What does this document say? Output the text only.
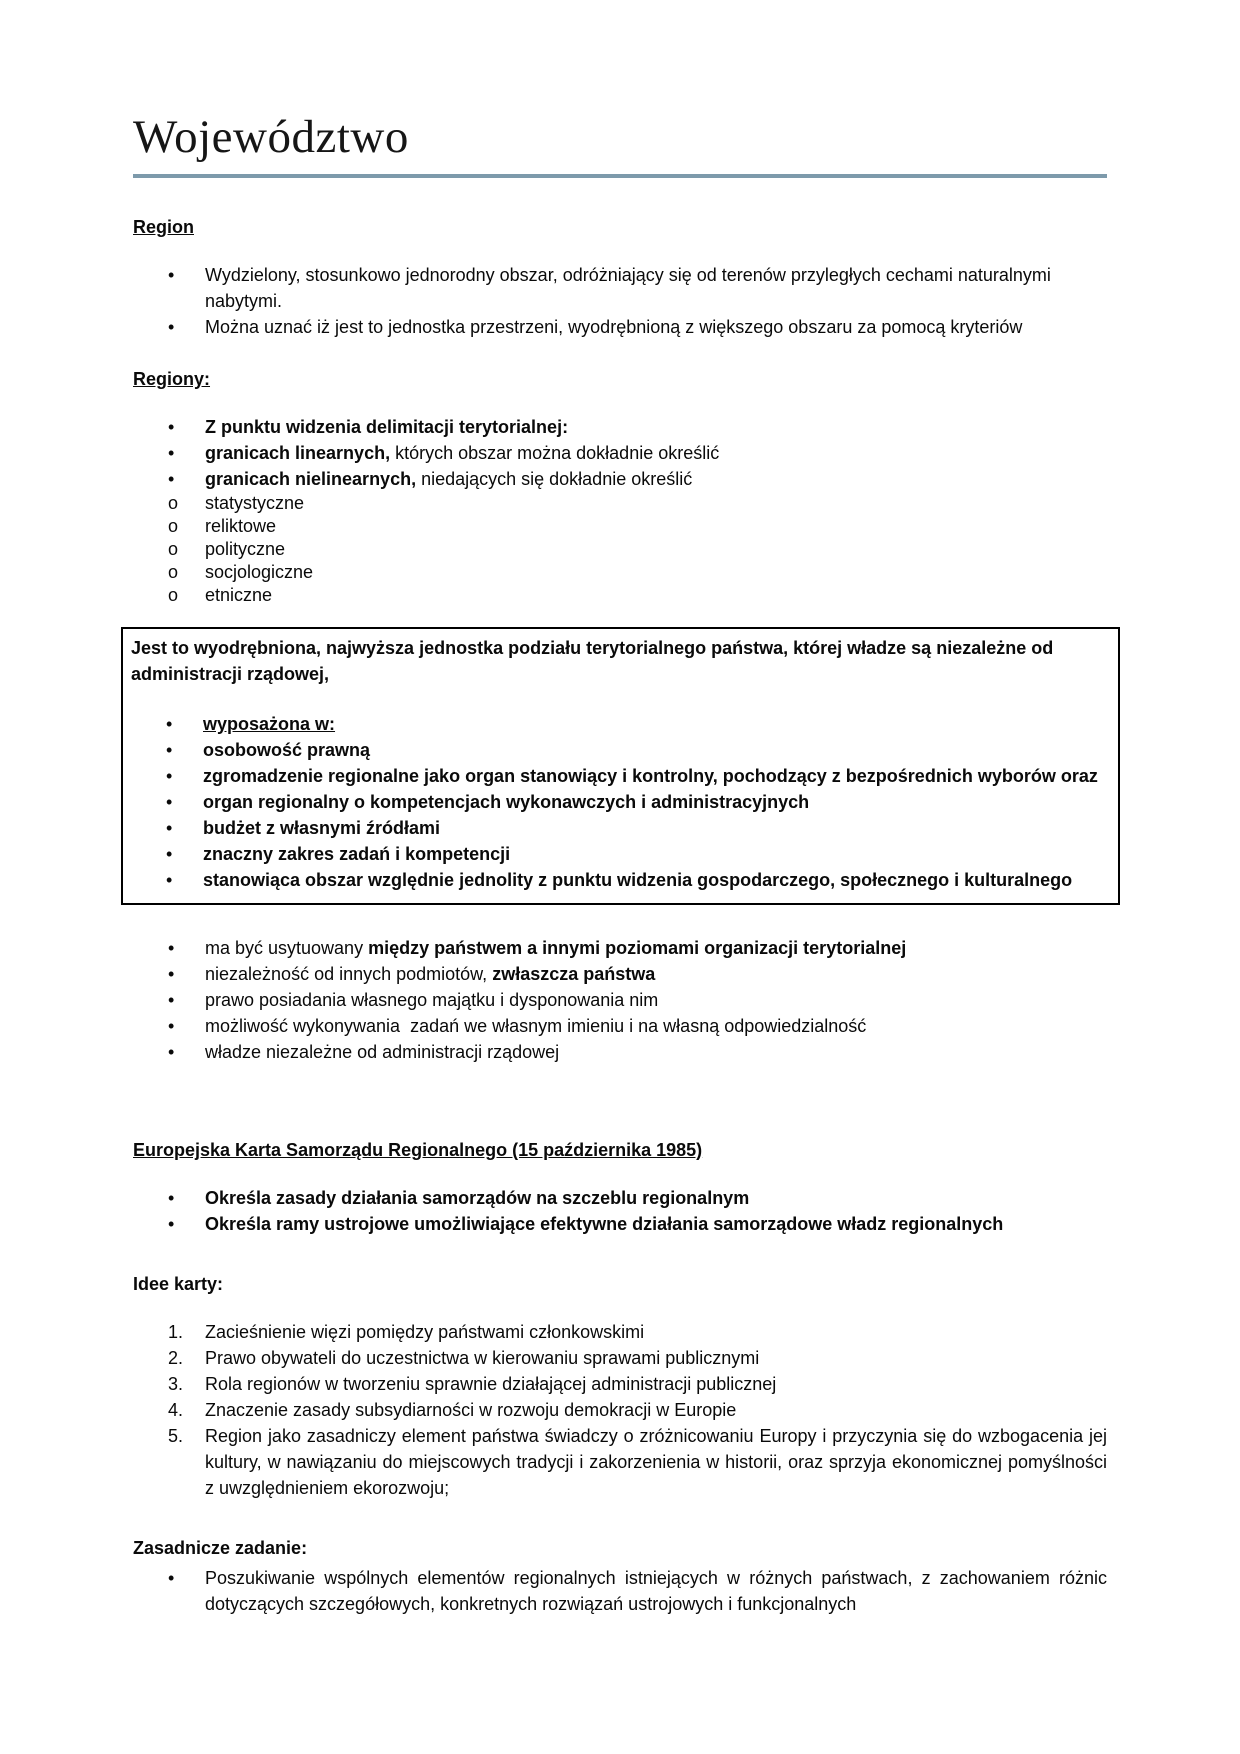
Województwo
Region
•	Wydzielony, stosunkowo jednorodny obszar, odróżniający się od terenów przyległych cechami naturalnymi nabytymi.
•	Można uznać iż jest to jednostka przestrzeni, wyodrębnioną z większego obszaru za pomocą kryteriów
Regiony:
•	Z punktu widzenia delimitacji terytorialnej:
•	granicach linearnych, których obszar można dokładnie określić
•	granicach nielinearnych, niedających się dokładnie określić
o	statystyczne
o	reliktowe
o	polityczne
o	socjologiczne
o	etniczne
Jest to wyodrębniona, najwyższa jednostka podziału terytorialnego państwa, której władze są niezależne od administracji rządowej,
•	wyposażona w:
•	osobowość prawną
•	zgromadzenie regionalne jako organ stanowiący i kontrolny, pochodzący z bezpośrednich wyborów oraz
•	organ regionalny o kompetencjach wykonawczych i administracyjnych
•	budżet z własnymi źródłami
•	znaczny zakres zadań i kompetencji
•	stanowiąca obszar względnie jednolity z punktu widzenia gospodarczego, społecznego i kulturalnego
•	ma być usytuowany między państwem a innymi poziomami organizacji terytorialnej
•	niezależność od innych podmiotów, zwłaszcza państwa
•	prawo posiadania własnego majątku i dysponowania nim
•	możliwość wykonywania  zadań we własnym imieniu i na własną odpowiedzialność
•	władze niezależne od administracji rządowej
Europejska Karta Samorządu Regionalnego (15 października 1985)
•	Określa zasady działania samorządów na szczeblu regionalnym
•	Określa ramy ustrojowe umożliwiające efektywne działania samorządowe władz regionalnych
Idee karty:
1.	Zacieśnienie więzi pomiędzy państwami członkowskimi
2.	Prawo obywateli do uczestnictwa w kierowaniu sprawami publicznymi
3.	Rola regionów w tworzeniu sprawnie działającej administracji publicznej
4.	Znaczenie zasady subsydiarności w rozwoju demokracji w Europie
5.	Region jako zasadniczy element państwa świadczy o zróżnicowaniu Europy i przyczynia się do wzbogacenia jej kultury, w nawiązaniu do miejscowych tradycji i zakorzenienia w historii, oraz sprzyja ekonomicznej pomyślności z uwzględnieniem ekorozwoju;
Zasadnicze zadanie:
•	Poszukiwanie wspólnych elementów regionalnych istniejących w różnych państwach, z zachowaniem różnic dotyczących szczegółowych, konkretnych rozwiązań ustrojowych i funkcjonalnych
